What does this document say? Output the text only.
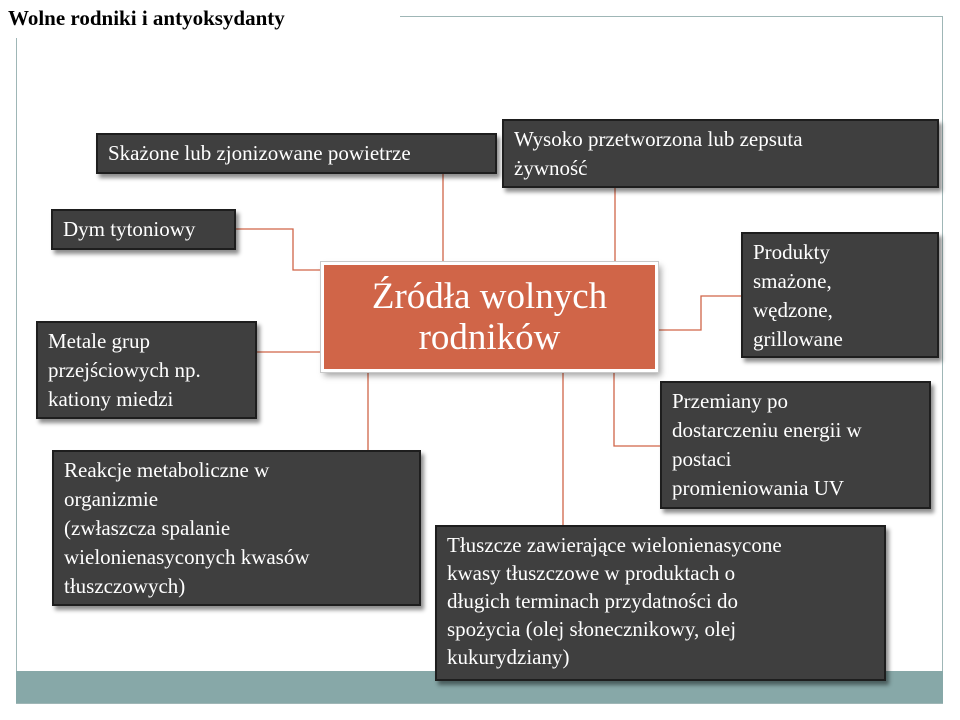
Wolne rodniki i antyoksydanty
Skażone lub zjonizowane powietrze
Dym tytoniowy
Wysoko przetworzona lub zepsuta
żywność
Produkty
smażone,
wędzone,
grillowane
Metale grup
przejściowych np.
kationy miedzi	Przemiany po
dostarczeniu energii w
postaci
promieniowania UV
Reakcje metaboliczne w
organizmie
(zwłaszcza spalanie
wielonienasyconych kwasów
tłuszczowych)
Tłuszcze zawierające wielonienasycone
kwasy tłuszczowe w produktach o
długich terminach przydatności do
spożycia (olej słonecznikowy, olej
kukurydziany)
Źródła wolnych
rodników
